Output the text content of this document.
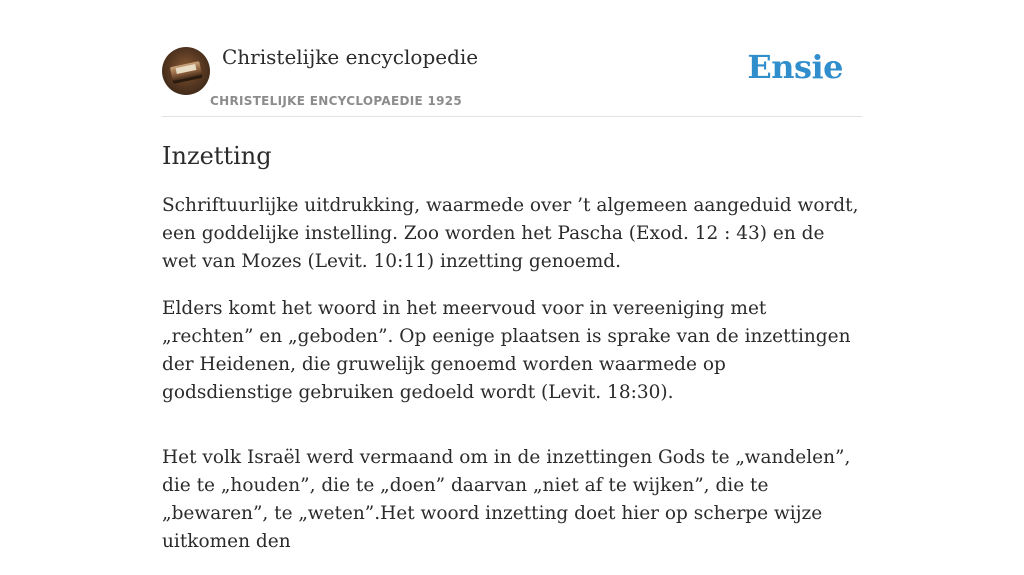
Christelijke encyclopedie
CHRISTELIJKE ENCYCLOPAEDIE 1925
Ensie
Inzetting

Schriftuurlijke uitdrukking, waarmede over ’t algemeen aangeduid wordt, een goddelijke instelling. Zoo worden het Pascha (Exod. 12 : 43) en de wet van Mozes (Levit. 10:11) inzetting genoemd.

Elders komt het woord in het meervoud voor in vereeniging met „rechten” en „geboden”. Op eenige plaatsen is sprake van de inzettingen der Heidenen, die gruwelijk genoemd worden waarmede op godsdienstige gebruiken gedoeld wordt (Levit. 18:30).

Het volk Israël werd vermaand om in de inzettingen Gods te „wandelen”, die te „houden”, die te „doen” daarvan „niet af te wijken”, die te „bewaren”, te „weten”.Het woord inzetting doet hier op scherpe wijze uitkomen den
